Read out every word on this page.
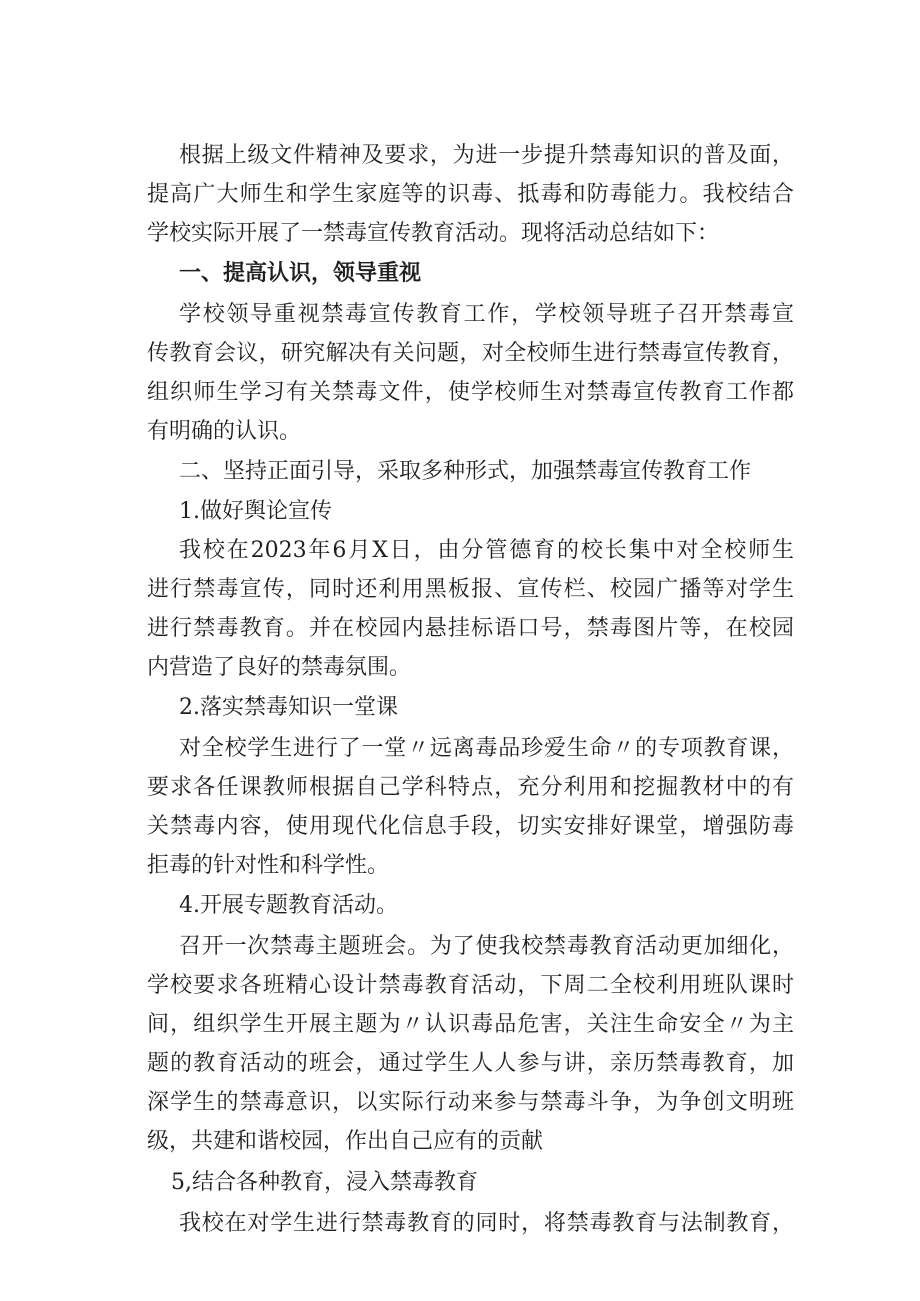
根据上级文件精神及要求，为进一步提升禁毒知识的普及面，
提高广大师生和学生家庭等的识毒、抵毒和防毒能力。我校结合
学校实际开展了一禁毒宣传教育活动。现将活动总结如下：
一、提高认识，领导重视
学校领导重视禁毒宣传教育工作，学校领导班子召开禁毒宣
传教育会议，研究解决有关问题，对全校师生进行禁毒宣传教育，
组织师生学习有关禁毒文件，使学校师生对禁毒宣传教育工作都
有明确的认识。
二、坚持正面引导，采取多种形式，加强禁毒宣传教育工作
1.做好舆论宣传
我校在2023年6月X日，由分管德育的校长集中对全校师生
进行禁毒宣传，同时还利用黑板报、宣传栏、校园广播等对学生
进行禁毒教育。并在校园内悬挂标语口号，禁毒图片等，在校园
内营造了良好的禁毒氛围。
2.落实禁毒知识一堂课
对全校学生进行了一堂〃远离毒品珍爱生命〃的专项教育课，
要求各任课教师根据自己学科特点，充分利用和挖掘教材中的有
关禁毒内容，使用现代化信息手段，切实安排好课堂，增强防毒
拒毒的针对性和科学性。
4.开展专题教育活动。
召开一次禁毒主题班会。为了使我校禁毒教育活动更加细化，
学校要求各班精心设计禁毒教育活动，下周二全校利用班队课时
间，组织学生开展主题为〃认识毒品危害，关注生命安全〃为主
题的教育活动的班会，通过学生人人参与讲，亲历禁毒教育，加
深学生的禁毒意识，以实际行动来参与禁毒斗争，为争创文明班
级，共建和谐校园，作出自己应有的贡献
5,结合各种教育，浸入禁毒教育
我校在对学生进行禁毒教育的同时，将禁毒教育与法制教育，
